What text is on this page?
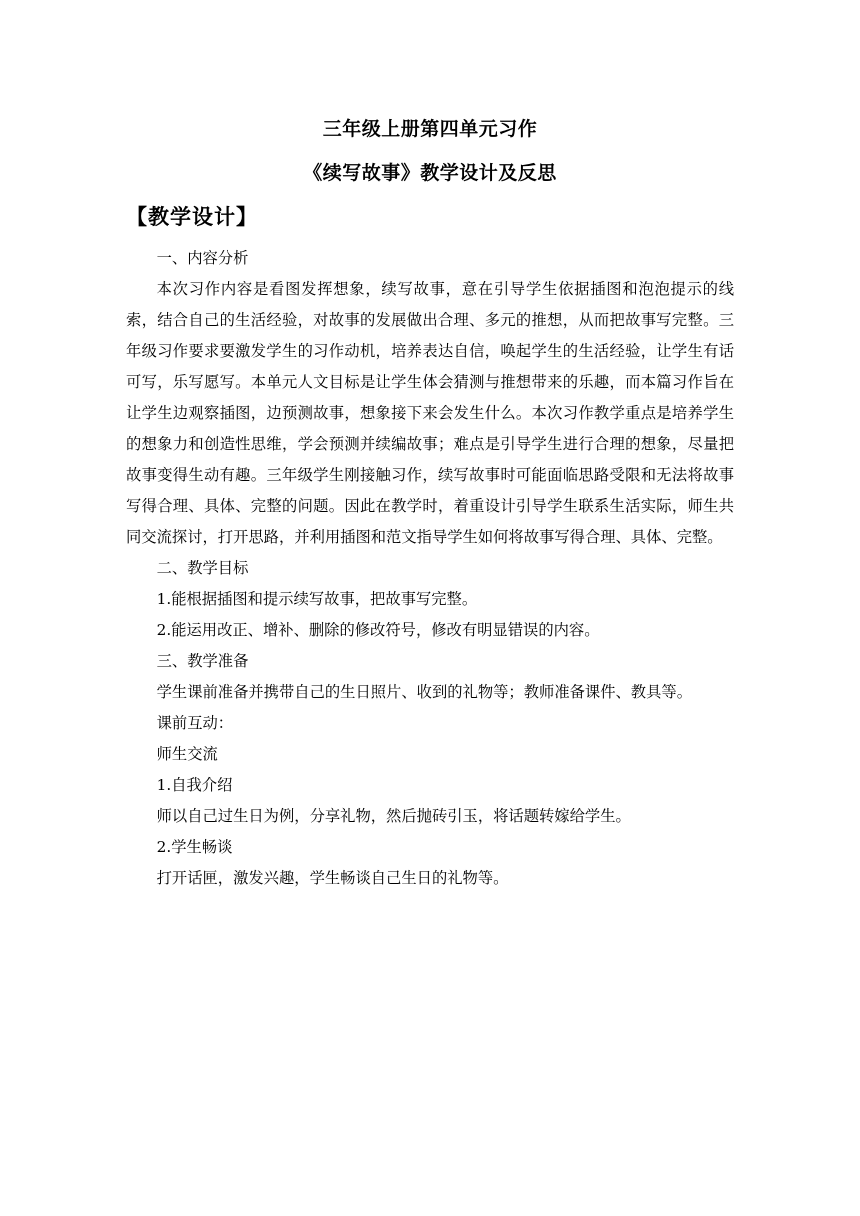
三年级上册第四单元习作
《续写故事》教学设计及反思
【教学设计】

一、内容分析

本次习作内容是看图发挥想象，续写故事，意在引导学生依据插图和泡泡提示的线索，结合自己的生活经验，对故事的发展做出合理、多元的推想，从而把故事写完整。三年级习作要求要激发学生的习作动机，培养表达自信，唤起学生的生活经验，让学生有话可写，乐写愿写。本单元人文目标是让学生体会猜测与推想带来的乐趣，而本篇习作旨在让学生边观察插图，边预测故事，想象接下来会发生什么。本次习作教学重点是培养学生的想象力和创造性思维，学会预测并续编故事；难点是引导学生进行合理的想象，尽量把故事变得生动有趣。三年级学生刚接触习作，续写故事时可能面临思路受限和无法将故事写得合理、具体、完整的问题。因此在教学时，着重设计引导学生联系生活实际，师生共同交流探讨，打开思路，并利用插图和范文指导学生如何将故事写得合理、具体、完整。

二、教学目标

1.能根据插图和提示续写故事，把故事写完整。

2.能运用改正、增补、删除的修改符号，修改有明显错误的内容。

三、教学准备

学生课前准备并携带自己的生日照片、收到的礼物等；教师准备课件、教具等。

课前互动：

师生交流

1.自我介绍

师以自己过生日为例，分享礼物，然后抛砖引玉，将话题转嫁给学生。

2.学生畅谈

打开话匣，激发兴趣，学生畅谈自己生日的礼物等。
